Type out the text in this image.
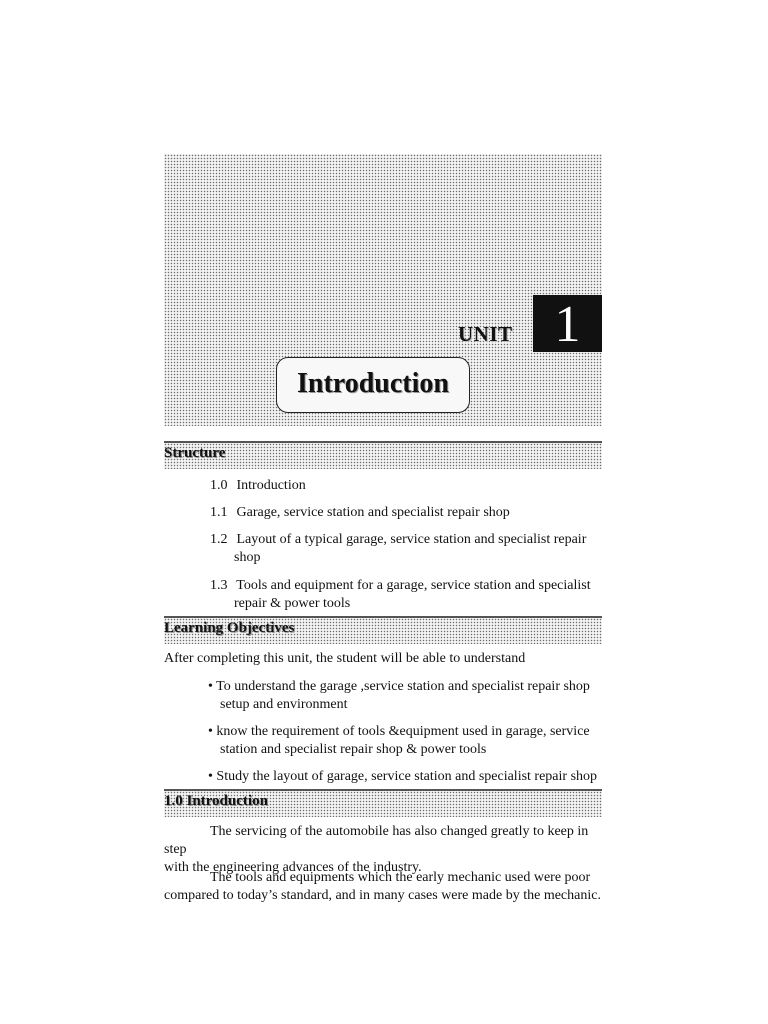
UNIT 1
Introduction
Structure
1.0 Introduction
1.1 Garage, service station and specialist repair shop
1.2 Layout of a typical garage, service station and specialist repair
shop
1.3 Tools and equipment for a garage, service station and specialist
repair & power tools
Learning Objectives
After completing this unit, the student will be able to understand
• To understand the garage ,service station and specialist repair shop
setup and environment
• know the requirement of tools &equipment used in garage, service
station and specialist repair shop & power tools
• Study the layout of garage, service station and specialist repair shop
1.0 Introduction
The servicing of the automobile has also changed greatly to keep in step
with the engineering advances of the industry.
The tools and equipments which the early mechanic used were poor
compared to today’s standard, and in many cases were made by the mechanic.
